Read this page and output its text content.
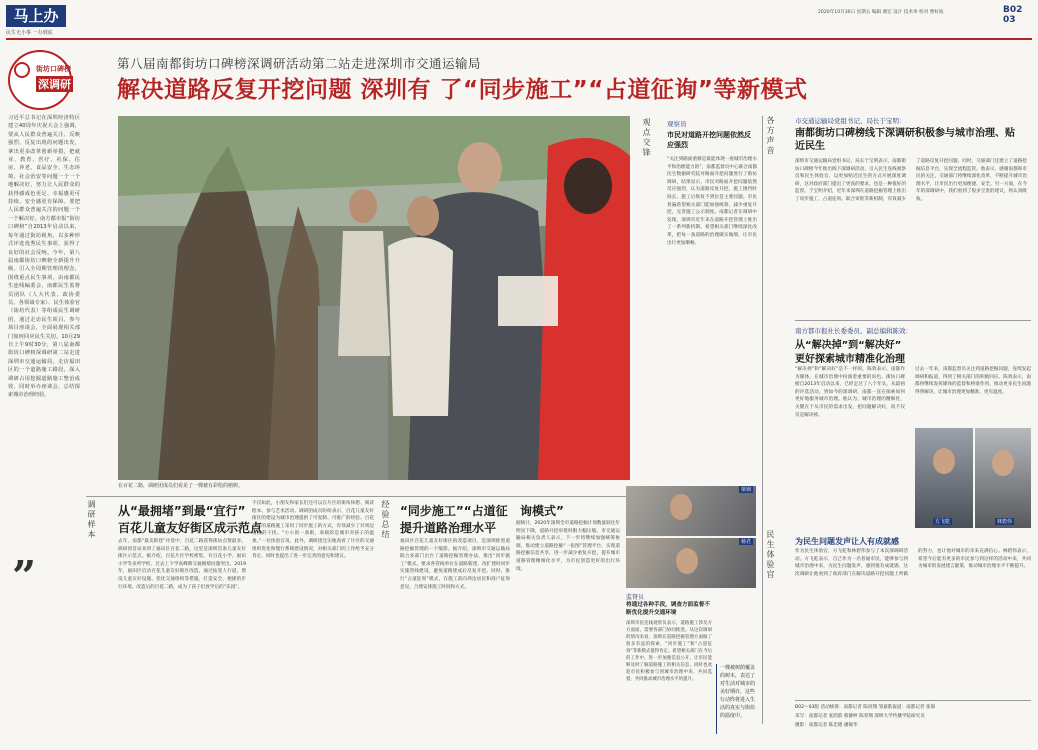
马上办
民生无小事 一办到底
2020年10月30日 星期五 编辑 谢宏 设计 技术单 校对 曹杖枝	B02 03
街坊口碑榜
深调研
第八届南都街坊口碑榜深调研活动第二站走进深圳市交通运输局
解决道路反复开挖问题 深圳有 了“同步施工”“占道征询”等新模式
习近平总书记在深圳经济特区建立40周年庆祝大会上强调，要从人民群众普遍关注、反映强烈、反复出现的问题出发，拿出更多改革创新举措，把就业、教育、医疗、社保、住房、养老、食品安全、生态环境、社会治安等问题一个一个地解决好，努力让人民群众的获得感成色更足、幸福感更可持续、安全感更有保障。要把人民群众普遍关注的问题一个一个解决好。南方都市报“街坊口碑榜”自2013年启动以来，每年通过街坊视角，以多种形式评选优秀民生事项，获得了良好的社会反响。今年，第八届南都街坊口碑榜全新提升升级，引入全周期管理的理念，围绕重点民生事项，由南都民生连线编委会、南都民生监督员团队（人大代表、政协委员、各领域专家）、民生体验官（街坊代表）等组成民生调研团，通过走访民生项目、参与项目座谈会，全面展现相关部门如何回应民生关切。10月29日上午9时30分，第八届南都街坊口碑榜深调研第二站走进深圳市交通运输局，走访福田区的一个道路施工路段，深入调研占用挖掘道路施工整治成效，同时举办座谈会，总结探索城市治理经验。
”
在百花二路，调研团成员们看见了一棵被有彩绘的榕树。
观点交锋 观察员
市民对道路开挖问题依然反应强烈
“关注到路面重修是最能体现一座城市治理水平和治理能力的”，南都监督员中心联合南都民生数据研究院对路面开挖问题进行了街坊调研，结果显示，市民对路面开挖问题依然反应强烈，认为道路反复开挖、施工围挡时间长、施工后恢复不到位是主要问题。市民普遍希望相关部门能加强统筹，减少重复开挖，完善施工公示制度。南都记者在调研中发现，深圳市近年来在道路开挖管理上推出了一系列新机制。希望相关部门继续深化改革，把每一条道路的治理做实做细，让市民出行更加顺畅。
各方声音	市交通运输局党组书记、局长于宝明：
南都街坊口碑榜线下深调研积极参与城市治理、贴近民生
深圳市交通运输局党组书记、局长于宝明表示，南都街坊口碑榜今年推出线下深调研活动，引入民生连线观察员和民生体验官，以更加贴近民生的方式开展深度调研，这对政府部门提出了更高的要求，也是一种很好的监督。于宝明介绍，近年来深圳在道路挖掘管理上推出了同步施工、占道征询、联合审批等新机制，有效减少了道路反复开挖问题。同时，交通部门还建立了道路挖掘信息平台，实现全流程监管。他表示，感谢南都和市民的关注，交通部门将继续深化改革，不断提升城市治理水平，让市民出行更加便捷、安全。另一方面，在今年的深调研中，我们看到了很多宝贵的建议，将认真吸收。
南方都市报社长委委员、副总编辑陈效：
从“解决掉”到“解决好”
更好探索城市精准化治理
“解决掉”和“解决好”是不一样的。陈效表示，南都作为媒体，在城市治理中扮演着重要的角色。街坊口碑榜自2013年启动以来，已经走过了八个年头，从最初的评选活动，到如今的深调研，南都一直在探索如何更好地服务城市治理。他认为，城市治理的精细化，关键在于从市民的需求出发，把问题解决好，而不仅仅是解决掉。
过去一年来，南都监督员关注到道路挖掘问题，连续发起调研和报道，得到了相关部门的积极回应。陈效表示，南都将继续发挥媒体的监督和桥梁作用，推动更多民生问题得到解决，让城市治理更加精准、更有温度。
方飞乾	林碧伟
民生体验官	为民生问题发声让人有成就感
作为民生体验官，方飞乾和林碧伟参与了本次深调研活动。方飞乾表示，自己作为一名普通市民，能够参与到城市治理中来，为民生问题发声，感到很有成就感。这次调研让他看到了政府部门在解决道路开挖问题上所做的努力，也让他对城市的未来充满信心。林碧伟表示，希望今后能有更多的市民参与到这样的活动中来，共同为城市的发展建言献策，推动城市治理水平不断提升。
B02～03版 活动统筹：南都记者 陈溟翔 邹嘉皓报道：南都记者 张锦
采写：南都记者 张韵韵 蔡静婷 陈荣翔 深圳大学传播学院研究员
摄影：南都记者 陈忠德 潘钿华
调研样本 从“最拥堵”到最“宜行”
百花儿童友好街区成示范点
去年，南都“最美街巷”评选中，百花二路获得街坊点赞最多。调研团首站来到了福田区百花二路，这里是深圳首条儿童友好街区示范点。据介绍，百花片区学校密集，有百花小学、福田小学等多所学校，过去上下学高峰期交通拥堵问题突出。2019年，福田区启动百花儿童友好街区改造，通过拓宽人行道、增设儿童友好设施、优化交通组织等措施，打造安全、便捷的步行环境。改造后的百花二路，成为了孩子们放学后的“乐园”。
不仅如此，小朋友和家长们还可以在片区的街角休憩、阅读绘本、参与艺术活动。调研团成员纷纷表示，百花儿童友好街区的建设为城市治理提供了可复制、可推广的经验。百花片区的道路施工采用了同步施工的方式，有效减少了对周边居民的干扰。“小小的一条街，承载的是城市对孩子的温柔。”一位体验官说。此外，调研团还实地查看了片区的交通组织优化和慢行系统建设情况，对相关部门的工作给予充分肯定，同时也提出了进一步完善的意见和建议。
经验总结 “同步施工”“占道征 询模式”
提升道路治理水平
福田区百花儿童友好街区的改造项目，是深圳推进道路挖掘管理的一个缩影。据介绍，深圳市交通运输局联合多部门出台了道路挖掘管理办法，推出“同步施工”模式，要求各管线单位在道路新建、改扩建时同步实施管线建设，避免道路建成后反复开挖。同时，推行“占道征询”模式，在施工前向周边居民和商户征询意见，合理安排施工时间和方式。
据统计，2020年深圳全市道路挖掘计划数量较往年明显下降，道路开挖审批时限大幅压缩。市交通运输局相关负责人表示，下一步将继续加强统筹协调，推动建立道路挖掘“一张图”管理平台，实现道路挖掘信息共享，进一步减少重复开挖，提升城市道路管理精细化水平，为市民创造更好的出行环境。
梁钢
杨君
监督员
将通过各种手段，调查方面监督不断优化提升交通环境
深圳市民连线观察员表示，道路施工涉及方方面面，需要各部门协同推进。从这次调研的情况来看，深圳在道路挖掘管理方面做了很多有益的探索，“同步施工”和“占道征询”等新模式值得肯定。希望相关部门在今后的工作中，进一步加强信息公开，让市民能够及时了解道路施工的相关信息，同时也欢迎市民积极参与到城市治理中来，共同监督，共同推动城市治理水平的提升。
一棵被树荫覆盖的树木，表达了对生活对城市的美好期许，这些行动终将进入生活的真实与街坊的温度中。
